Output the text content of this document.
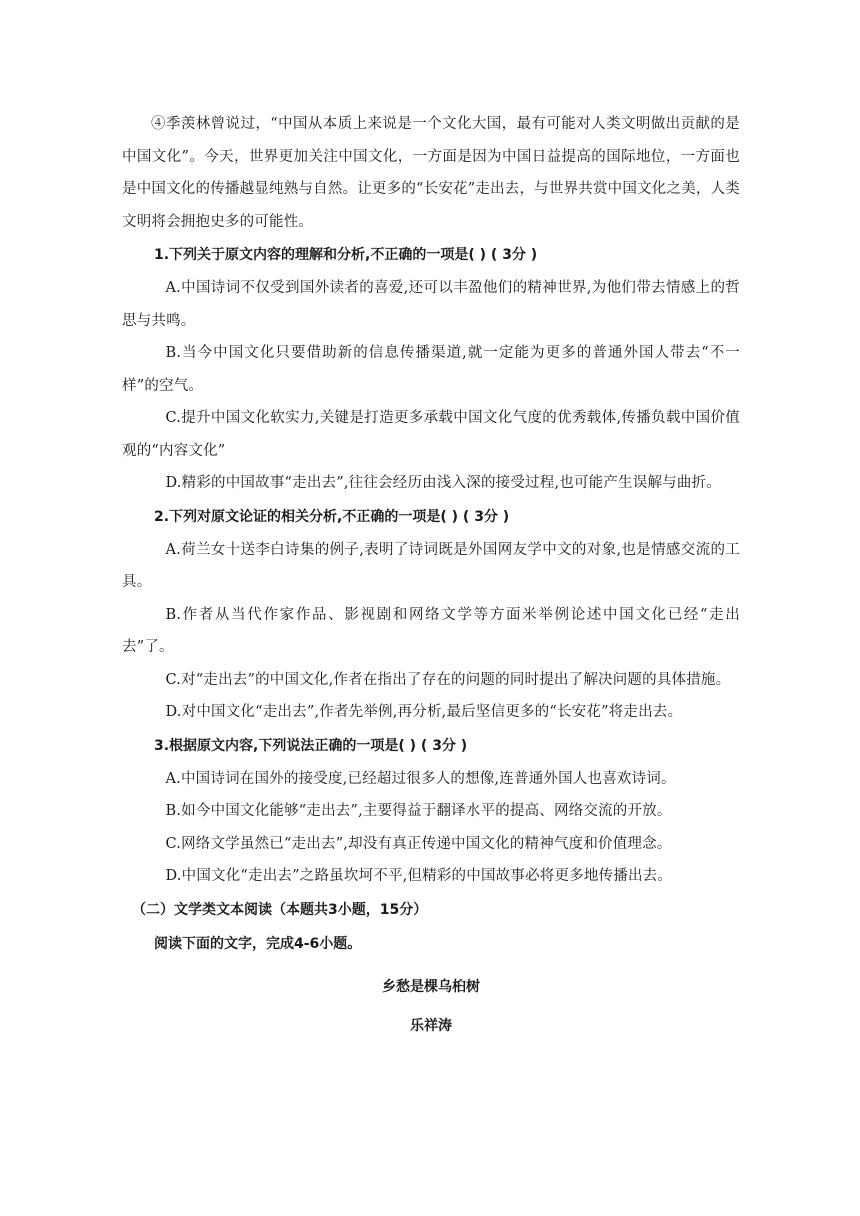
④季羡林曾说过，“中国从本质上来说是一个文化大国，最有可能对人类文明做出贡献的是中国文化”。今天，世界更加关注中国文化，一方面是因为中国日益提高的国际地位，一方面也是中国文化的传播越显纯熟与自然。让更多的“长安花”走出去，与世界共赏中国文化之美，人类文明将会拥抱史多的可能性。

1.下列关于原文内容的理解和分析,不正确的一项是( ) ( 3分 )

A.中国诗词不仅受到国外读者的喜爱,还可以丰盈他们的精神世界,为他们带去情感上的哲思与共鸣。

B.当今中国文化只要借助新的信息传播渠道,就一定能为更多的普通外国人带去“不一样”的空气。

C.提升中国文化软实力,关键是打造更多承载中国文化气度的优秀载体,传播负载中国价值观的“内容文化”

D.精彩的中国故事“走出去”,往往会经历由浅入深的接受过程,也可能产生误解与曲折。

2.下列对原文论证的相关分析,不正确的一项是( ) ( 3分 )

A.荷兰女十送李白诗集的例子,表明了诗词既是外国网友学中文的对象,也是情感交流的工具。

B.作者从当代作家作品、影视剧和网络文学等方面米举例论述中国文化已经“走出去”了。

C.对“走出去”的中国文化,作者在指出了存在的问题的同时提出了解决问题的具体措施。

D.对中国文化“走出去”,作者先举例,再分析,最后坚信更多的“长安花”将走出去。

3.根据原文内容,下列说法正确的一项是( ) ( 3分 )

A.中国诗词在国外的接受度,已经超过很多人的想像,连普通外国人也喜欢诗词。

B.如今中国文化能够“走出去”,主要得益于翻译水平的提高、网络交流的开放。

C.网络文学虽然已“走出去”,却没有真正传递中国文化的精神气度和价值理念。

D.中国文化“走出去”之路虽坎坷不平,但精彩的中国故事必将更多地传播出去。

（二）文学类文本阅读（本题共3小题，15分）

阅读下面的文字，完成4-6小题。

乡愁是棵乌桕树

乐祥涛
